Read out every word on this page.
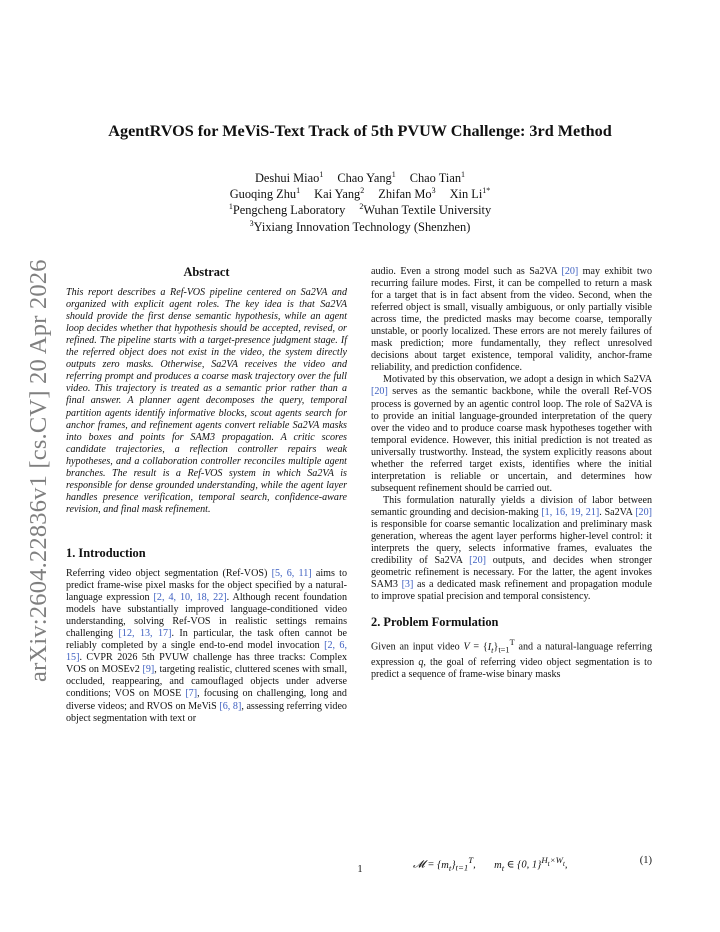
arXiv:2604.22836v1 [cs.CV] 20 Apr 2026
AgentRVOS for MeViS-Text Track of 5th PVUW Challenge: 3rd Method
Deshui Miao$^1$ Chao Yang$^1$ Chao Tian$^1$
Guoqing Zhu$^1$ Kai Yang$^2$ Zhifan Mo$^3$ Xin $Li^{1*}$
$^1$Pengcheng Laboratory $^2$Wuhan Textile University
$^3$Yixiang Innovation Technology (Shenzhen)
Abstract

This report describes a Ref-VOS pipeline centered on Sa2VA and organized with explicit agent roles. The key idea is that Sa2VA should provide the first dense semantic hypothesis, while an agent loop decides whether that hypothesis should be accepted, revised, or refined. The pipeline starts with a target-presence judgment stage. If the referred object does not exist in the video, the system directly outputs zero masks. Otherwise, Sa2VA receives the video and referring prompt and produces a coarse mask trajectory over the full video. This trajectory is treated as a semantic prior rather than a final answer. A planner agent decomposes the query, temporal partition agents identify informative blocks, scout agents search for anchor frames, and refinement agents convert reliable Sa2VA masks into boxes and points for SAM3 propagation. A critic scores candidate trajectories, a reflection controller repairs weak hypotheses, and a collaboration controller reconciles multiple agent branches. The result is a Ref-VOS system in which Sa2VA is responsible for dense grounded understanding, while the agent layer handles presence verification, temporal search, confidence-aware revision, and final mask refinement.

1. Introduction

Referring video object segmentation (Ref-VOS) [5, 6, 11] aims to predict frame-wise pixel masks for the object specified by a natural-language expression [2, 4, 10, 18, 22]. Although recent foundation models have substantially improved language-conditioned video understanding, solving Ref-VOS in realistic settings remains challenging [12, 13, 17]. In particular, the task often cannot be reliably completed by a single end-to-end model invocation [2, 6, 15]. CVPR 2026 5th PVUW challenge has three tracks: Complex VOS on MOSEv2 [9], targeting realistic, cluttered scenes with small, occluded, reappearing, and camouflaged objects under adverse conditions; VOS on MOSE [7], focusing on challenging, long and diverse videos; and RVOS on MeViS [6, 8], assessing referring video object segmentation with text or

audio. Even a strong model such as Sa2VA [20] may exhibit two recurring failure modes. First, it can be compelled to return a mask for a target that is in fact absent from the video. Second, when the referred object is small, visually ambiguous, or only partially visible across time, the predicted masks may become coarse, temporally unstable, or poorly localized. These errors are not merely failures of mask prediction; more fundamentally, they reflect unresolved decisions about target existence, temporal validity, anchor-frame reliability, and prediction confidence.

Motivated by this observation, we adopt a design in which Sa2VA [20] serves as the semantic backbone, while the overall Ref-VOS process is governed by an agentic control loop. The role of Sa2VA is to provide an initial language-grounded interpretation of the query over the video and to produce coarse mask hypotheses together with temporal evidence. However, this initial prediction is not treated as universally trustworthy. Instead, the system explicitly reasons about whether the referred target exists, identifies where the initial interpretation is reliable or uncertain, and determines how subsequent refinement should be carried out.

This formulation naturally yields a division of labor between semantic grounding and decision-making [1, 16, 19, 21]. Sa2VA [20] is responsible for coarse semantic localization and preliminary mask generation, whereas the agent layer performs higher-level control: it interprets the query, selects informative frames, evaluates the credibility of Sa2VA [20] outputs, and decides when stronger geometric refinement is necessary. For the latter, the agent invokes SAM3 [3] as a dedicated mask refinement and propagation module to improve spatial precision and temporal consistency.

2. Problem Formulation

Given an input video $V = \{I_t\}_{t=1}^T$ and a natural-language referring expression q, the goal of referring video object segmentation is to predict a sequence of frame-wise binary masks

𝓜 = $\{m_t\}_{t=1}^T$,       $m_t$ ∈ {0, 1}$^{H_t\times W_t}$,	(1)
1
